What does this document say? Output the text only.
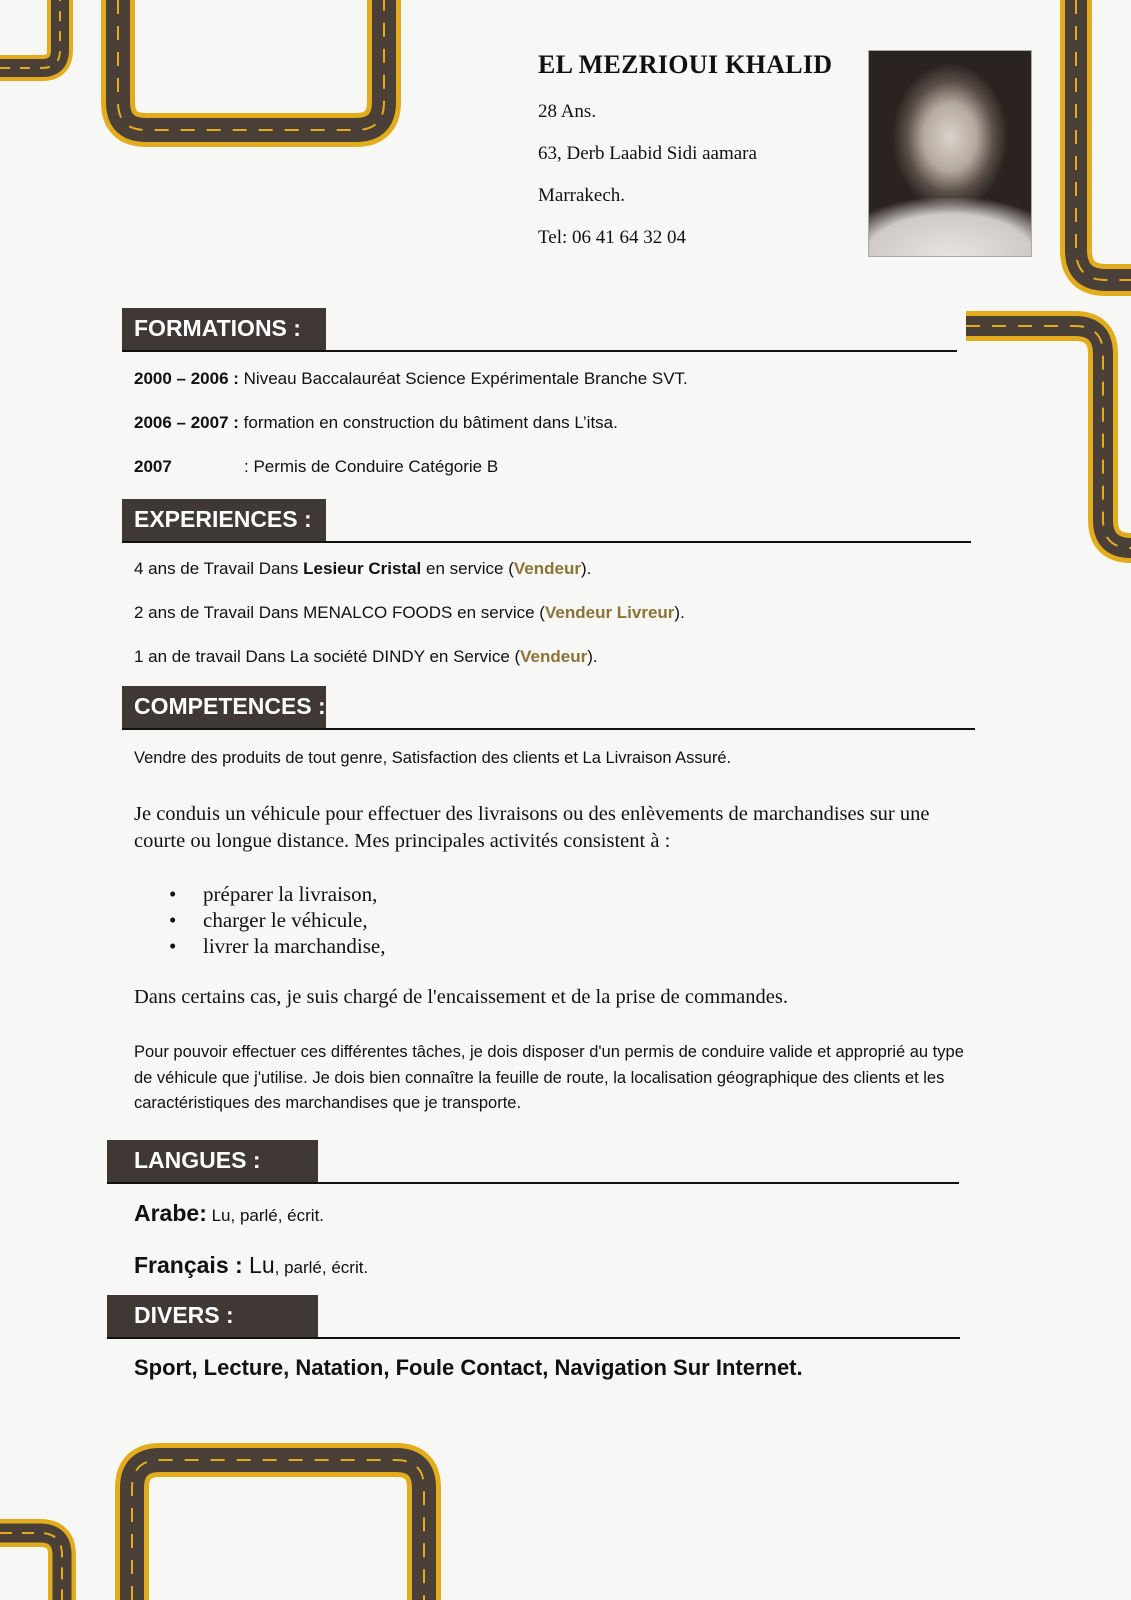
EL MEZRIOUI KHALID
28 Ans.
63, Derb Laabid Sidi aamara
Marrakech.
Tel: 06 41 64 32 04
FORMATIONS :
2000 – 2006 : Niveau Baccalauréat Science Expérimentale Branche SVT.
2006 – 2007 : formation en construction du bâtiment dans L’itsa.
2007	: Permis de Conduire Catégorie B
EXPERIENCES :
4 ans de Travail Dans Lesieur Cristal en service (Vendeur).
2 ans de Travail Dans MENALCO FOODS en service (Vendeur Livreur).
1 an de travail Dans La société DINDY en Service (Vendeur).
COMPETENCES :
Vendre des produits de tout genre, Satisfaction des clients et La Livraison Assuré.
Je conduis un véhicule pour effectuer des livraisons ou des enlèvements de marchandises sur une courte ou longue distance. Mes principales activités consistent à :
• préparer la livraison,
• charger le véhicule,
• livrer la marchandise,
Dans certains cas, je suis chargé de l'encaissement et de la prise de commandes.
Pour pouvoir effectuer ces différentes tâches, je dois disposer d'un permis de conduire valide et approprié au type de véhicule que j'utilise. Je dois bien connaître la feuille de route, la localisation géographique des clients et les caractéristiques des marchandises que je transporte.
LANGUES :
Arabe: Lu, parlé, écrit.
Français : Lu, parlé, écrit.
DIVERS :
Sport, Lecture, Natation, Foule Contact, Navigation Sur Internet.
